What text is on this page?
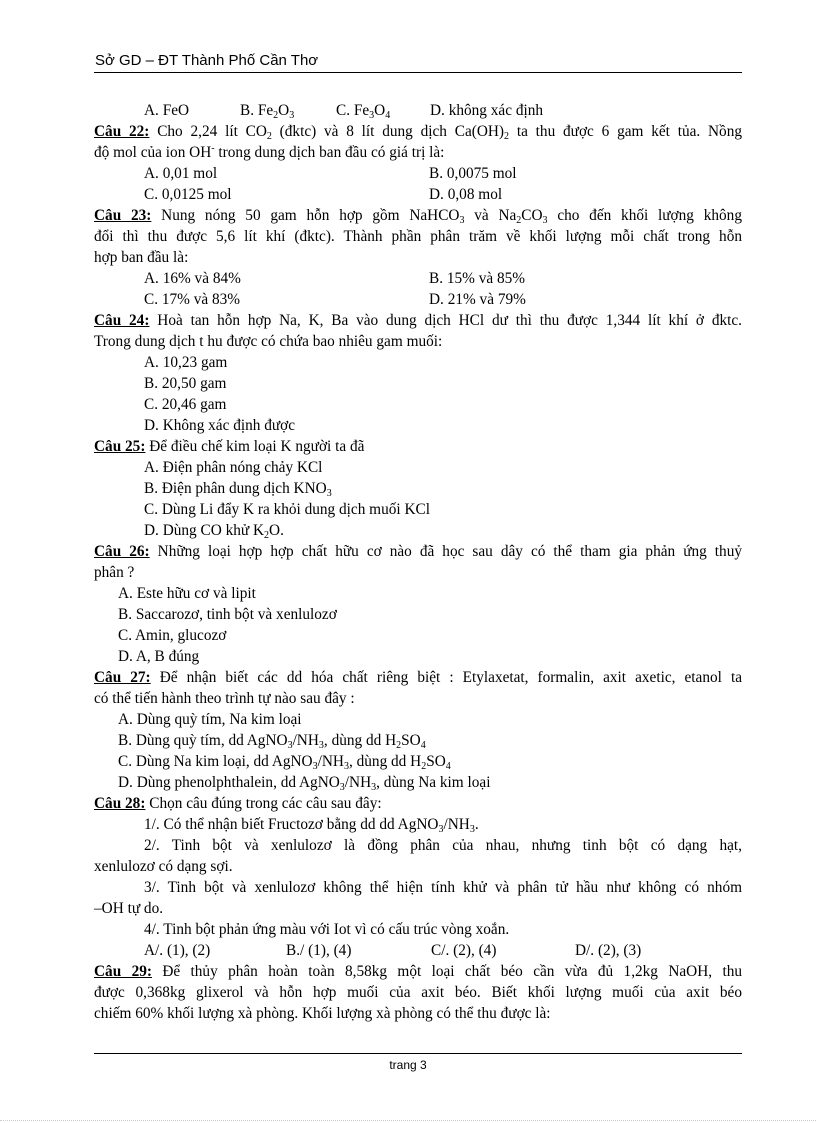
Sở GD – ĐT Thành Phố Cần Thơ
A. FeO	B. $Fe_2O_3$	C. $Fe_3O_4$	D. không xác định
Câu 22: Cho 2,24 lít $CO_2$ (đktc) và 8 lít dung dịch $Ca(OH)_2$ ta thu được 6 gam kết tủa. Nồng
độ mol của ion OH- trong dung dịch ban đầu có giá trị là:
A. 0,01 mol	B. 0,0075 mol
C. 0,0125 mol	D. 0,08 mol
Câu 23: Nung nóng 50 gam hỗn hợp gồm NaHCO$_3$ và $Na_2CO_3$ cho đến khối lượng không
đổi thì thu được 5,6 lít khí (đktc). Thành phần phân trăm về khối lượng mỗi chất trong hỗn
hợp ban đầu là:
A. 16% và 84%	B. 15% và 85%
C. 17% và 83%	D. 21% và 79%
Câu 24: Hoà tan hỗn hợp Na, K, Ba vào dung dịch HCl dư thì thu được 1,344 lít khí ở đktc.
Trong dung dịch t hu được có chứa bao nhiêu gam muối:
A. 10,23 gam
B. 20,50 gam
C. 20,46 gam
D. Không xác định được
Câu 25: Để điều chế kim loại K người ta đã
A. Điện phân nóng chảy KCl
B. Điện phân dung dịch $KNO_3$
C. Dùng Li đẩy K ra khỏi dung dịch muối KCl
D. Dùng CO khử $K_2O$.
Câu 26: Những loại hợp hợp chất hữu cơ nào đã học sau dây có thể tham gia phản ứng thuỷ
phân ?
A. Este hữu cơ và lipit
B. Saccarozơ, tinh bột và xenlulozơ
C. Amin, glucozơ
D. A, B đúng
Câu 27: Để nhận biết các dd hóa chất riêng biệt : Etylaxetat, formalin, axit axetic, etanol ta
có thể tiến hành theo trình tự nào sau đây :
A. Dùng quỳ tím, Na kim loại
B. Dùng quỳ tím, dd $AgNO_3/NH_3$, dùng dd $H_2SO_4$
C. Dùng Na kim loại, dd $AgNO_3/NH_3$, dùng dd $H_2SO_4$
D. Dùng phenolphthalein, dd $AgNO_3/NH_3$, dùng Na kim loại
Câu 28: Chọn câu đúng trong các câu sau đây:
1/. Có thể nhận biết Fructozơ bằng dd dd $AgNO_3/NH_3$.
2/. Tinh bột và xenlulozơ là đồng phân của nhau, nhưng tinh bột có dạng hạt,
xenlulozơ có dạng sợi.
3/. Tinh bột và xenlulozơ không thể hiện tính khử và phân tử hầu như không có nhóm
–OH tự do.
4/. Tinh bột phản ứng màu với Iot vì có cấu trúc vòng xoắn.
A/. (1), (2)	B./ (1), (4)	C/. (2), (4)	D/. (2), (3)
Câu 29: Để thủy phân hoàn toàn 8,58kg một loại chất béo cần vừa đủ 1,2kg NaOH, thu
được 0,368kg glixerol và hỗn hợp muối của axit béo. Biết khối lượng muối của axit béo
chiếm 60% khối lượng xà phòng. Khối lượng xà phòng có thể thu được là:
trang 3
